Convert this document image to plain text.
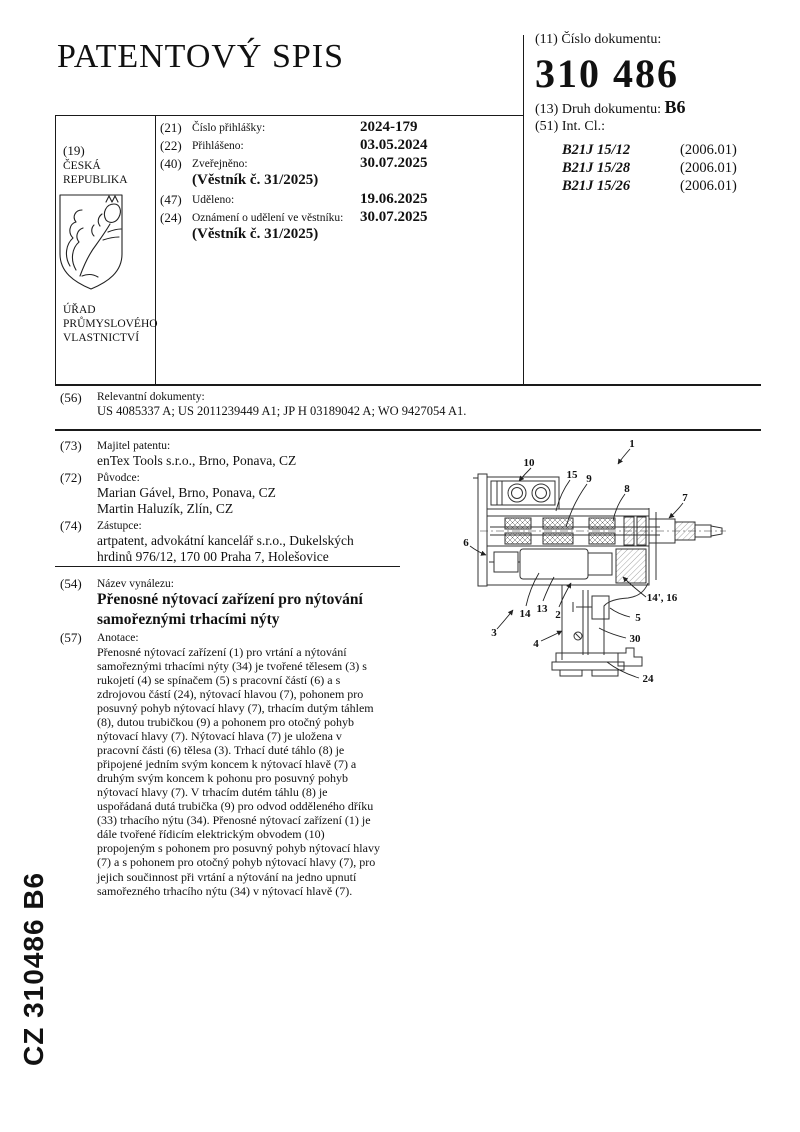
PATENTOVÝ SPIS	(11) Číslo dokumentu:
310 486
(13) Druh dokumentu: B6
(51) Int. Cl.:
B21J 15/12	(2006.01)
B21J 15/28	(2006.01)
B21J 15/26	(2006.01)
(19)
ČESKÁ
REPUBLIKA
ÚŘAD
PRŮMYSLOVÉHO
VLASTNICTVÍ
(21) Číslo přihlášky:	2024-179
(22) Přihlášeno:	03.05.2024
(40) Zveřejněno:	30.07.2025
(Věstník č. 31/2025)
(47) Uděleno:	19.06.2025
(24) Oznámení o udělení ve věstníku: 30.07.2025
(Věstník č. 31/2025)
(56) Relevantní dokumenty:
US 4085337 A; US 2011239449 A1; JP H 03189042 A; WO 9427054 A1.
(73) Majitel patentu:
enTex Tools s.r.o., Brno, Ponava, CZ
(72) Původce:
Marian Gável, Brno, Ponava, CZ
Martin Haluzík, Zlín, CZ
(74) Zástupce:
artpatent, advokátní kancelář s.r.o., Dukelských
hrdinů 976/12, 170 00 Praha 7, Holešovice
(54) Název vynálezu:
Přenosné nýtovací zařízení pro nýtování
samořeznými trhacími nýty
(57) Anotace:
Přenosné nýtovací zařízení (1) pro vrtání a nýtování samořeznými trhacími nýty (34) je tvořené tělesem (3) s rukojetí (4) se spínačem (5) s pracovní částí (6) a s zdrojovou částí (24), nýtovací hlavou (7), pohonem pro posuvný pohyb nýtovací hlavy (7), trhacím dutým táhlem (8), dutou trubičkou (9) a pohonem pro otočný pohyb nýtovací hlavy (7). Nýtovací hlava (7) je uložena v pracovní části (6) tělesa (3). Trhací duté táhlo (8) je připojené jedním svým koncem k nýtovací hlavě (7) a druhým svým koncem k pohonu pro posuvný pohyb nýtovací hlavy (7). V trhacím dutém táhlu (8) je uspořádaná dutá trubička (9) pro odvod odděleného dříku (33) trhacího nýtu (34). Přenosné nýtovací zařízení (1) je dále tvořené řídicím elektrickým obvodem (10) propojeným s pohonem pro posuvný pohyb nýtovací hlavy (7) a s pohonem pro otočný pohyb nýtovací hlavy (7), pro jejich součinnost při vrtání a nýtování na jedno upnutí samořezného trhacího nýtu (34) v nýtovací hlavě (7).
1
10
15 9
8
7
6
14 13 2
3
4
5
30
24
14', 16
CZ 310486 B6
